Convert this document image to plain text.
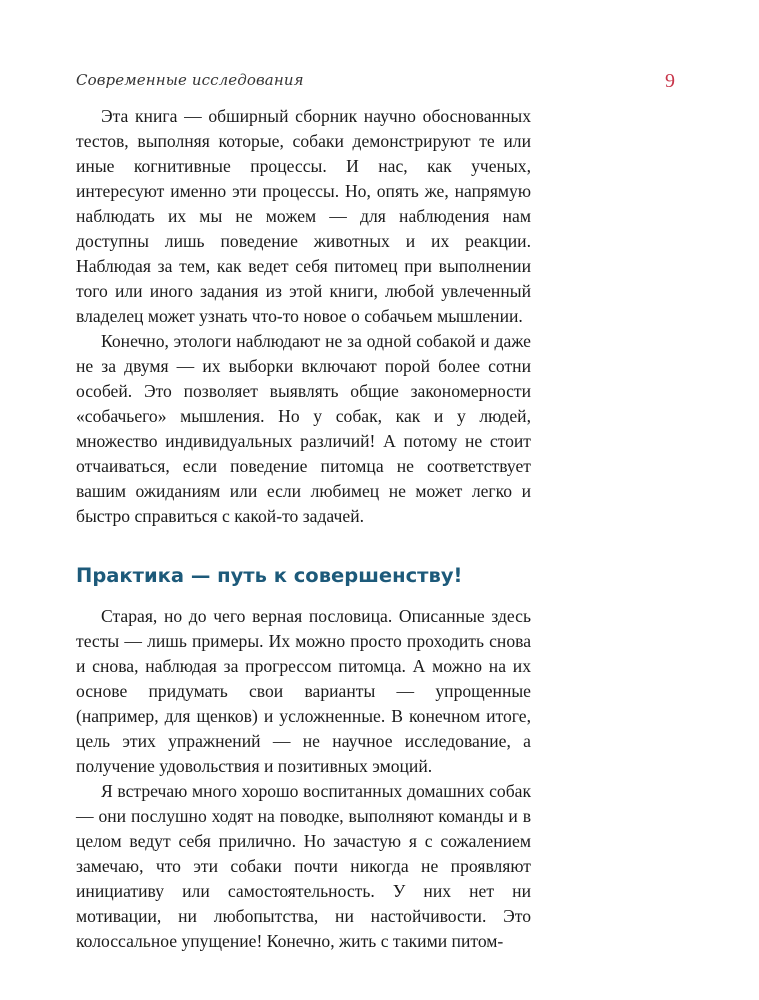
Современные исследования	9

Эта книга — обширный сборник научно обоснованных тестов, выполняя которые, собаки демонстрируют те или иные когнитивные процессы. И нас, как ученых, интересуют именно эти процессы. Но, опять же, напрямую наблюдать их мы не можем — для наблюдения нам доступны лишь поведение животных и их реакции. Наблюдая за тем, как ведет себя питомец при выполнении того или иного задания из этой книги, любой увлеченный владелец может узнать что-то новое о собачьем мышлении.

Конечно, этологи наблюдают не за одной собакой и даже не за двумя — их выборки включают порой более сотни особей. Это позволяет выявлять общие закономерности «собачьего» мышления. Но у собак, как и у людей, множество индивидуальных различий! А потому не стоит отчаиваться, если поведение питомца не соответствует вашим ожиданиям или если любимец не может легко и быстро справиться с какой-то задачей.

Практика — путь к совершенству!

Старая, но до чего верная пословица. Описанные здесь тесты — лишь примеры. Их можно просто проходить снова и снова, наблюдая за прогрессом питомца. А можно на их основе придумать свои варианты — упрощенные (например, для щенков) и усложненные. В конечном итоге, цель этих упражнений — не научное исследование, а получение удовольствия и позитивных эмоций.

Я встречаю много хорошо воспитанных домашних собак — они послушно ходят на поводке, выполняют команды и в целом ведут себя прилично. Но зачастую я с сожалением замечаю, что эти собаки почти никогда не проявляют инициативу или самостоятельность. У них нет ни мотивации, ни любопытства, ни настойчивости. Это колоссальное упущение! Конечно, жить с такими питом-
